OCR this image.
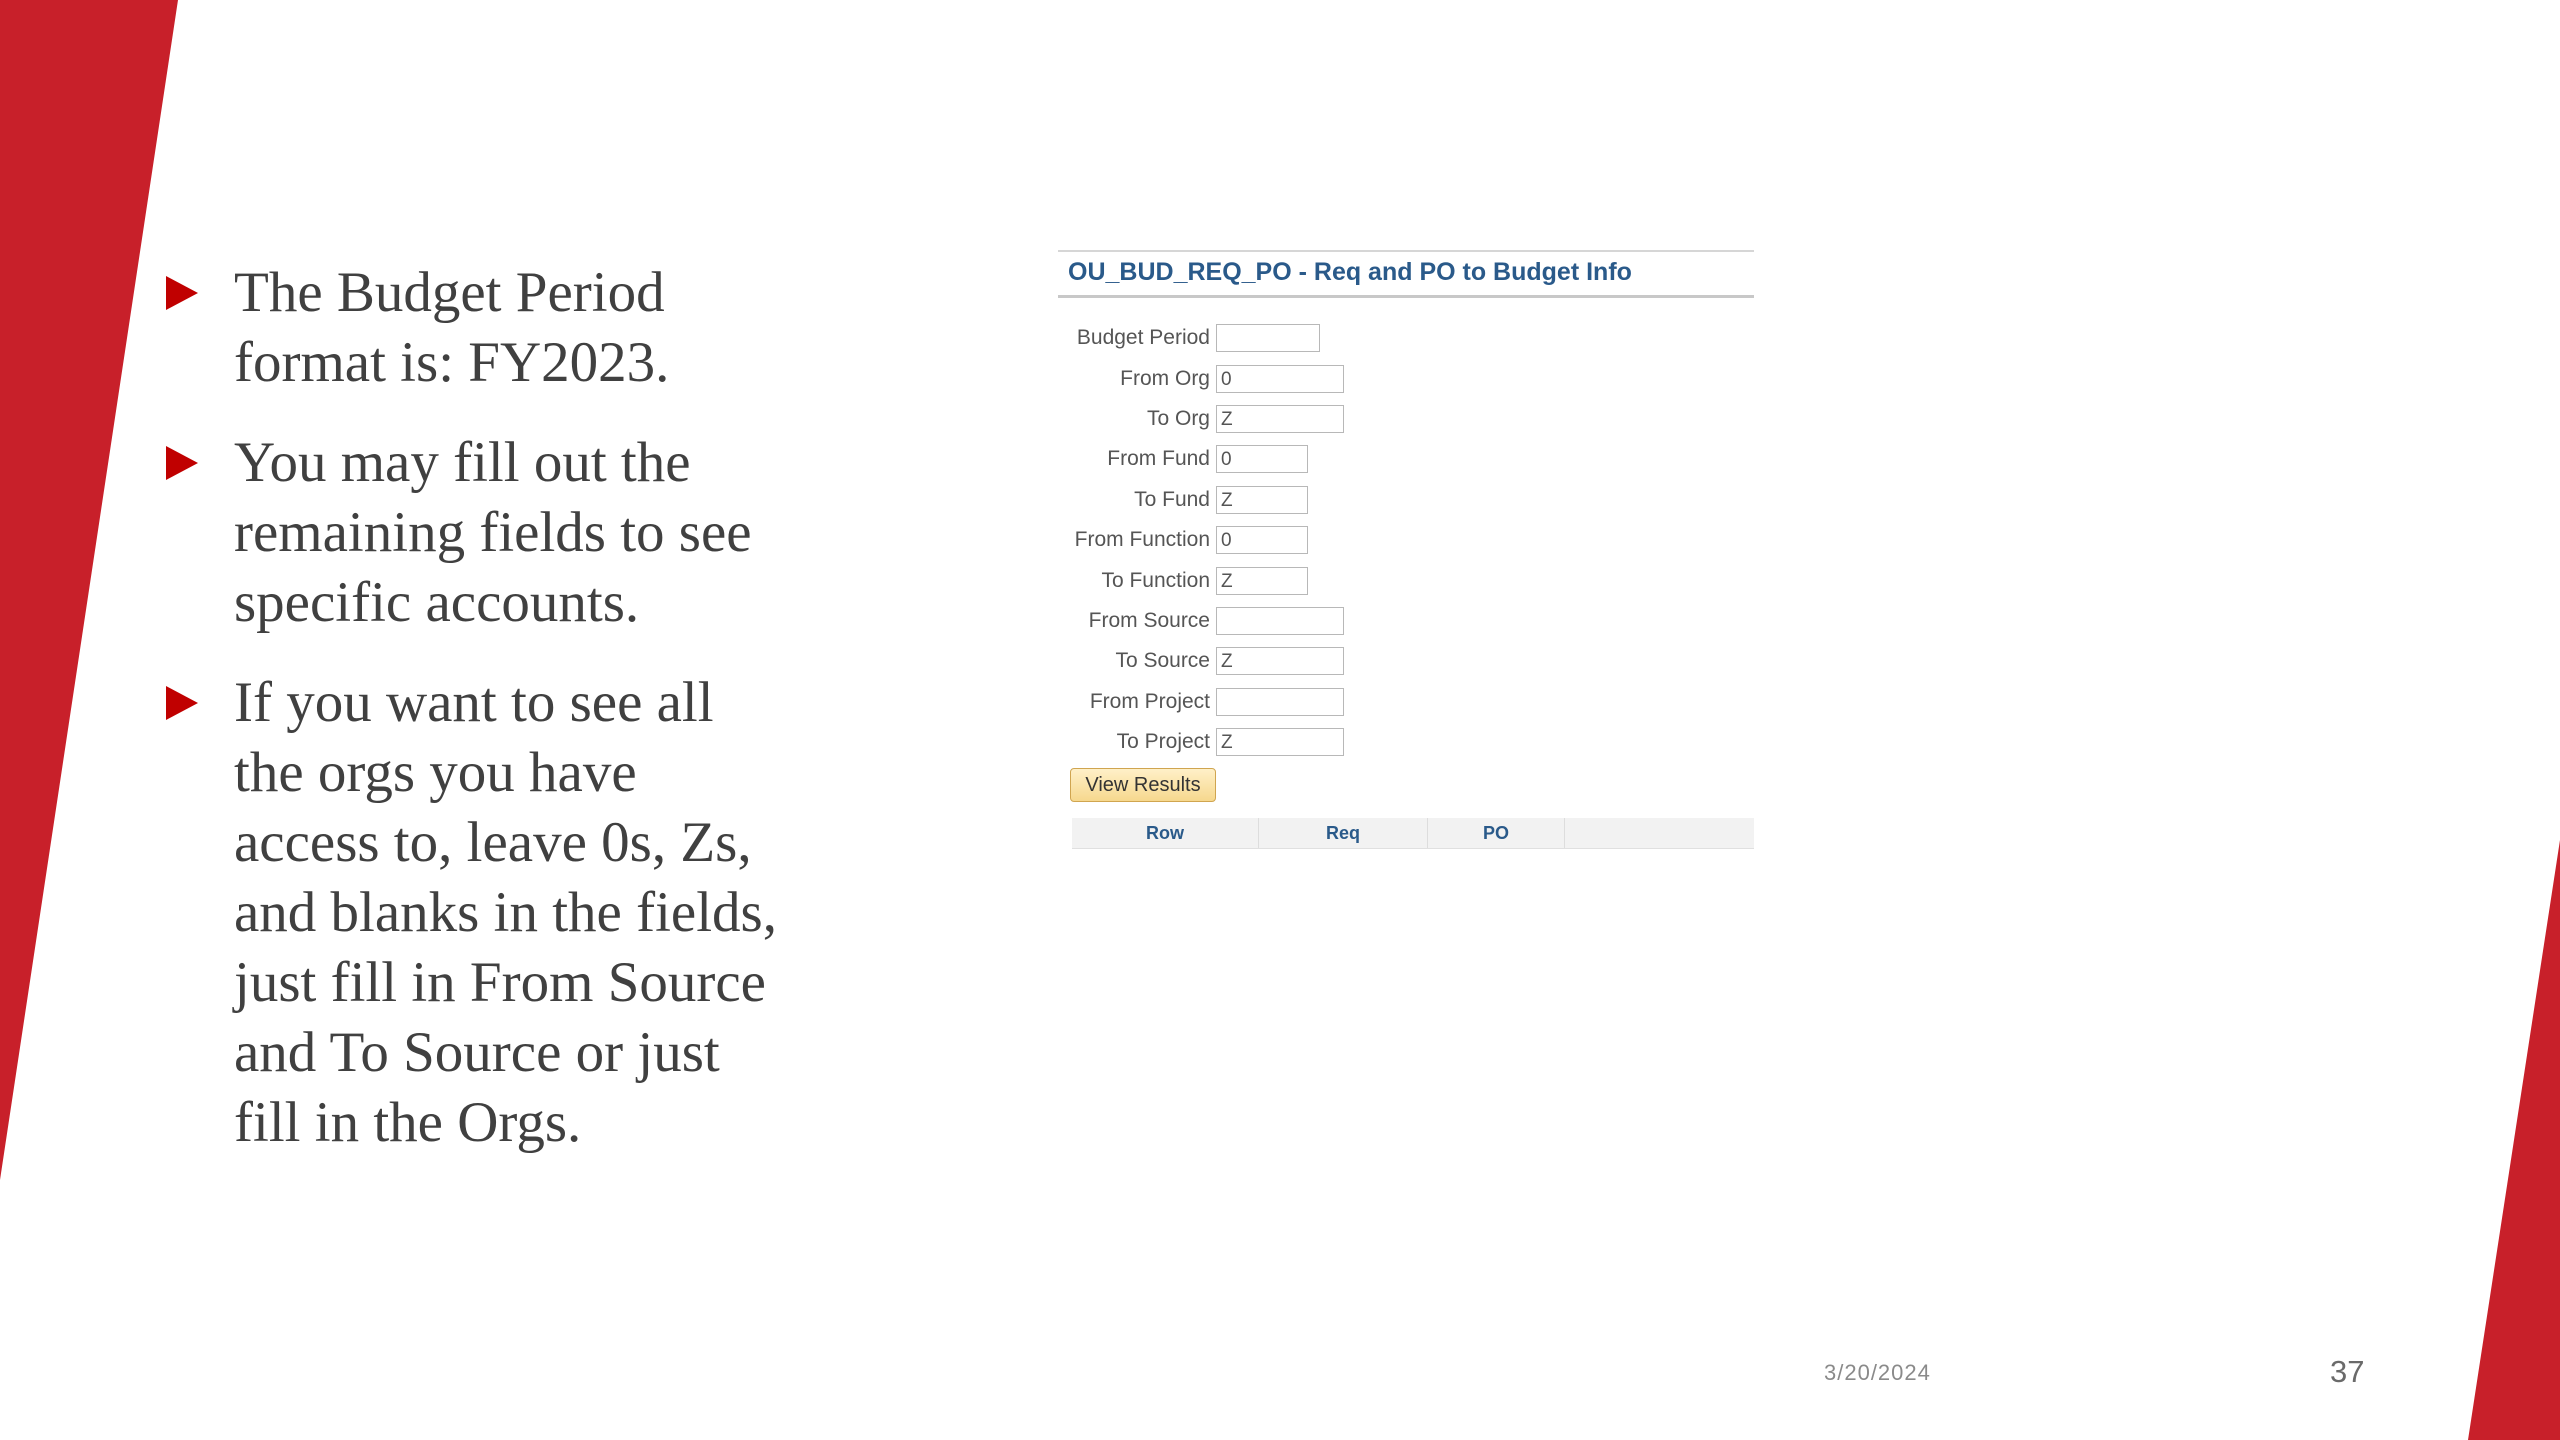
The Budget Period format is: FY2023.
You may fill out the remaining fields to see specific accounts.
If you want to see all the orgs you have access to, leave 0s, Zs, and blanks in the fields, just fill in From Source and To Source or just fill in the Orgs.
OU_BUD_REQ_PO - Req and PO to Budget Info
Budget Period
From Org 0
To Org Z
From Fund 0
To Fund Z
From Function 0
To Function Z
From Source
To Source Z
From Project
To Project Z
View Results
Row	Req	PO
3/20/2024	37
